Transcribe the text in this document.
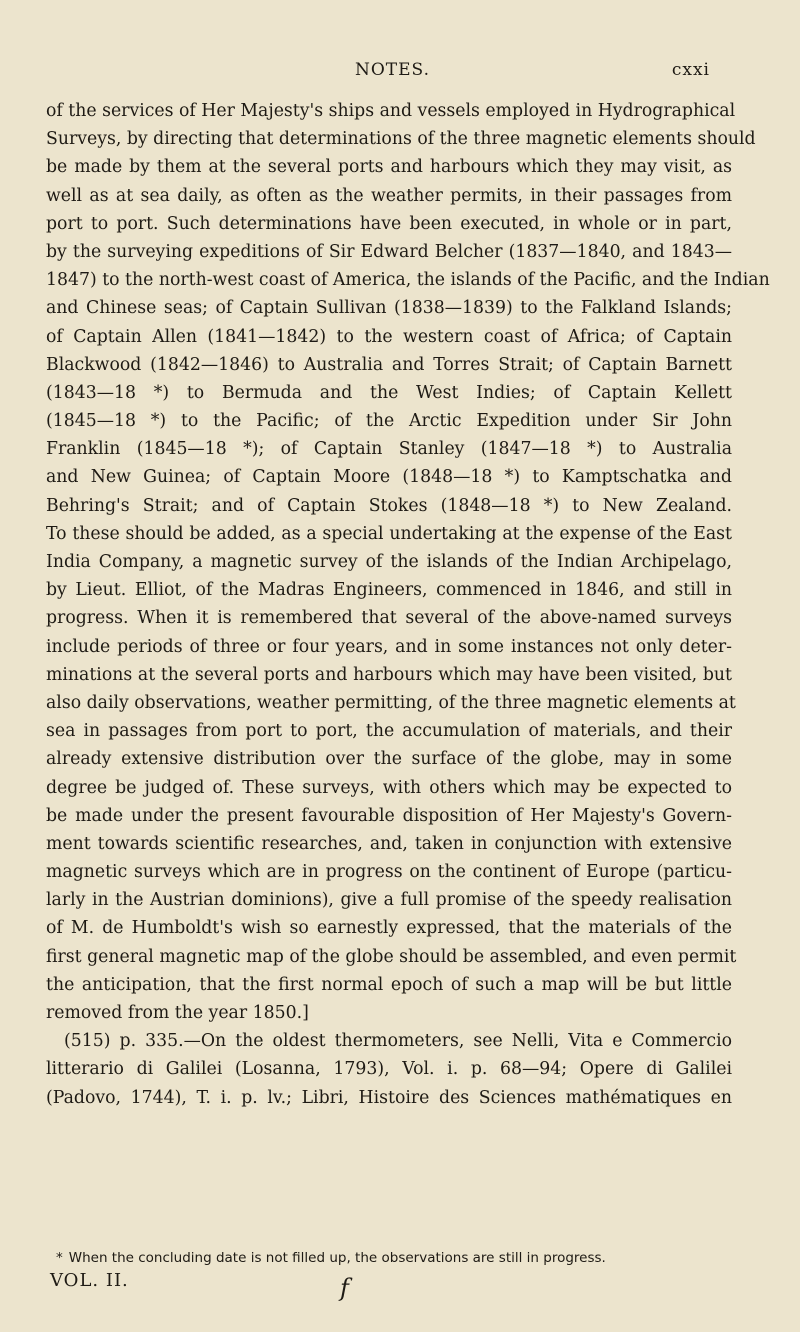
NOTES.	cxxi
of the services of Her Majesty's ships and vessels employed in Hydrographical
Surveys, by directing that determinations of the three magnetic elements should
be made by them at the several ports and harbours which they may visit, as
well as at sea daily, as often as the weather permits, in their passages from
port to port. Such determinations have been executed, in whole or in part,
by the surveying expeditions of Sir Edward Belcher (1837—1840, and 1843—
1847) to the north-west coast of America, the islands of the Pacific, and the Indian
and Chinese seas; of Captain Sullivan (1838—1839) to the Falkland Islands;
of Captain Allen (1841—1842) to the western coast of Africa; of Captain
Blackwood (1842—1846) to Australia and Torres Strait; of Captain Barnett
(1843—18 *) to Bermuda and the West Indies; of Captain Kellett
(1845—18 *) to the Pacific; of the Arctic Expedition under Sir John
Franklin (1845—18 *); of Captain Stanley (1847—18 *) to Australia
and New Guinea; of Captain Moore (1848—18 *) to Kamptschatka and
Behring's Strait; and of Captain Stokes (1848—18 *) to New Zealand.
To these should be added, as a special undertaking at the expense of the East
India Company, a magnetic survey of the islands of the Indian Archipelago,
by Lieut. Elliot, of the Madras Engineers, commenced in 1846, and still in
progress. When it is remembered that several of the above-named surveys
include periods of three or four years, and in some instances not only deter-
minations at the several ports and harbours which may have been visited, but
also daily observations, weather permitting, of the three magnetic elements at
sea in passages from port to port, the accumulation of materials, and their
already extensive distribution over the surface of the globe, may in some
degree be judged of. These surveys, with others which may be expected to
be made under the present favourable disposition of Her Majesty's Govern-
ment towards scientific researches, and, taken in conjunction with extensive
magnetic surveys which are in progress on the continent of Europe (particu-
larly in the Austrian dominions), give a full promise of the speedy realisation
of M. de Humboldt's wish so earnestly expressed, that the materials of the
first general magnetic map of the globe should be assembled, and even permit
the anticipation, that the first normal epoch of such a map will be but little
removed from the year 1850.]
(515) p. 335.—On the oldest thermometers, see Nelli, Vita e Commercio
litterario di Galilei (Losanna, 1793), Vol. i. p. 68—94; Opere di Galilei
(Padovo, 1744), T. i. p. lv.; Libri, Histoire des Sciences mathématiques en
* When the concluding date is not filled up, the observations are still in progress.
VOL. II.	f
